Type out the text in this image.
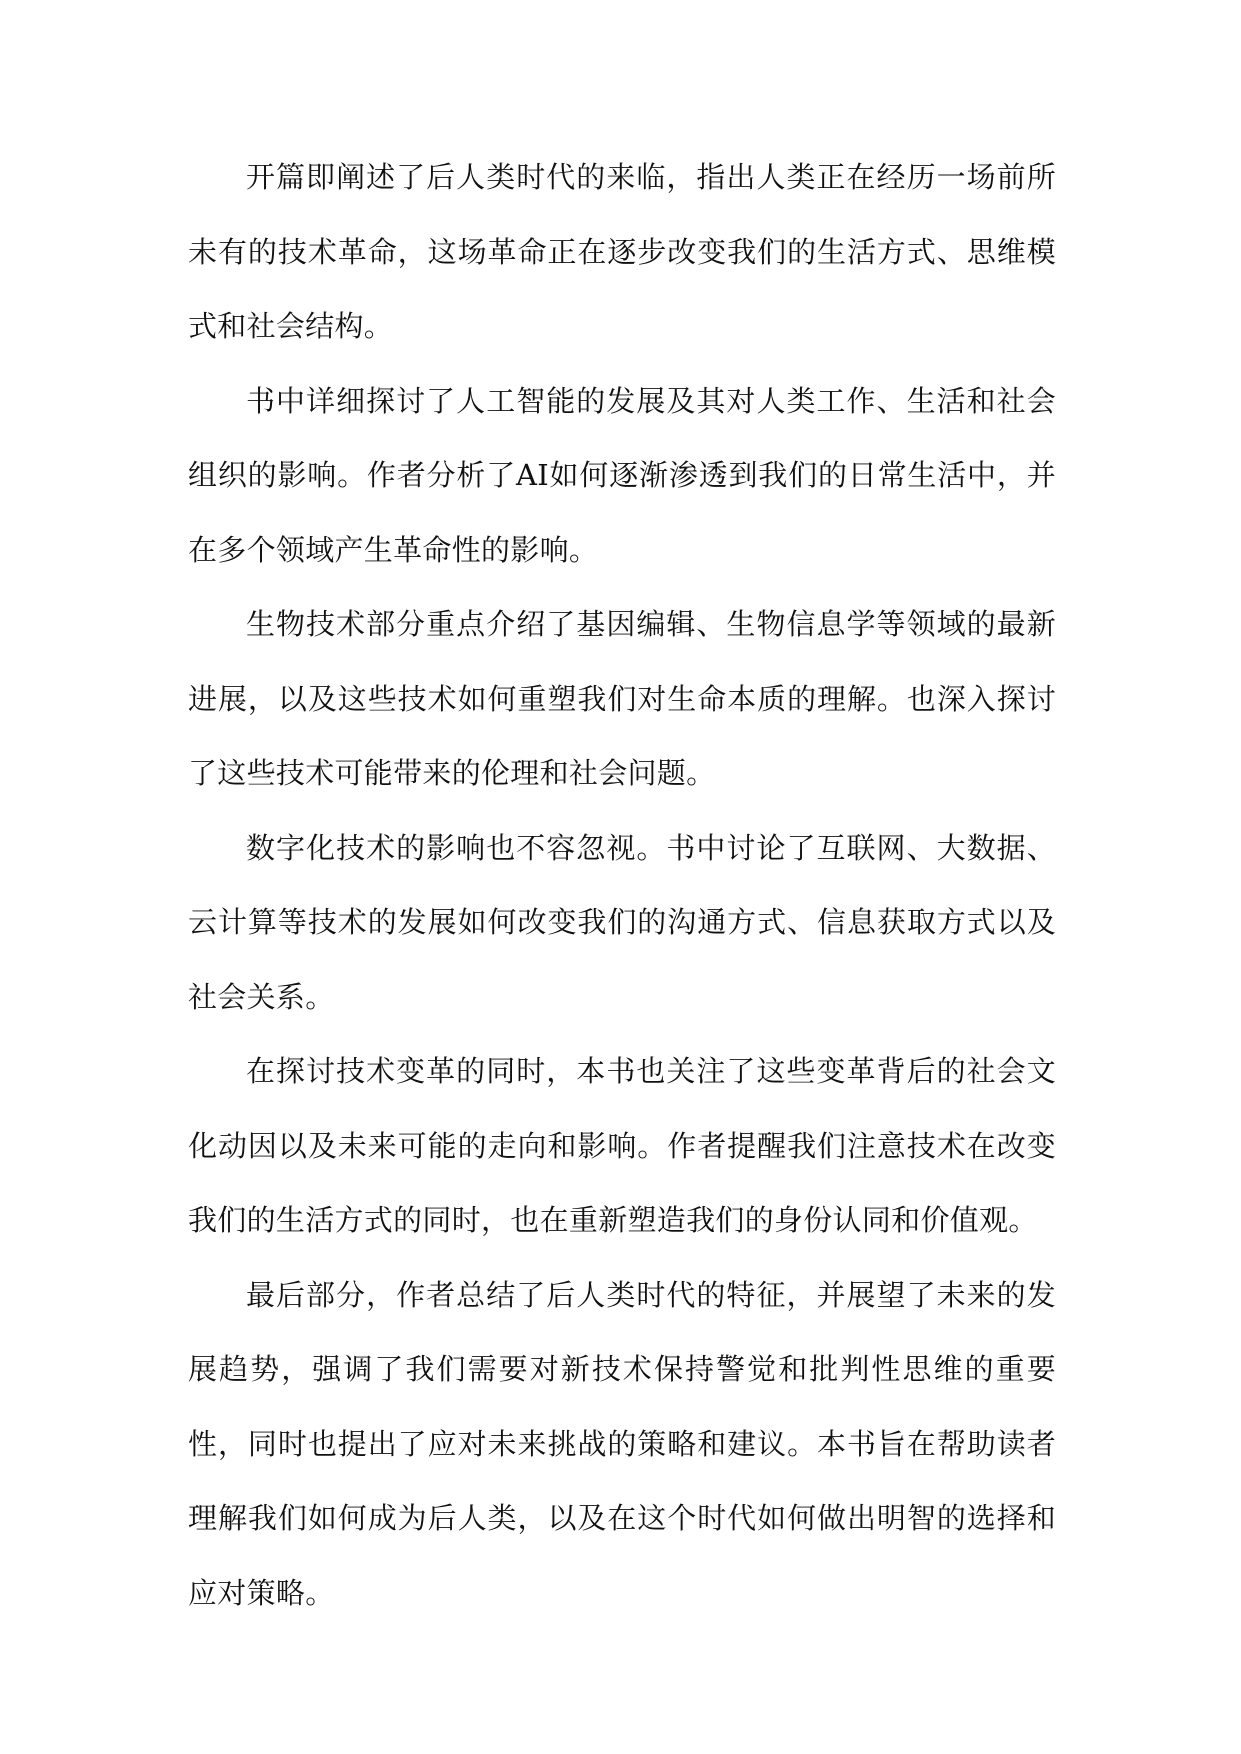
开篇即阐述了后人类时代的来临，指出人类正在经历一场前所未有的技术革命，这场革命正在逐步改变我们的生活方式、思维模式和社会结构。

书中详细探讨了人工智能的发展及其对人类工作、生活和社会组织的影响。作者分析了AI如何逐渐渗透到我们的日常生活中，并在多个领域产生革命性的影响。

生物技术部分重点介绍了基因编辑、生物信息学等领域的最新进展，以及这些技术如何重塑我们对生命本质的理解。也深入探讨了这些技术可能带来的伦理和社会问题。

数字化技术的影响也不容忽视。书中讨论了互联网、大数据、云计算等技术的发展如何改变我们的沟通方式、信息获取方式以及社会关系。

在探讨技术变革的同时，本书也关注了这些变革背后的社会文化动因以及未来可能的走向和影响。作者提醒我们注意技术在改变我们的生活方式的同时，也在重新塑造我们的身份认同和价值观。

最后部分，作者总结了后人类时代的特征，并展望了未来的发展趋势，强调了我们需要对新技术保持警觉和批判性思维的重要性，同时也提出了应对未来挑战的策略和建议。本书旨在帮助读者理解我们如何成为后人类，以及在这个时代如何做出明智的选择和应对策略。
